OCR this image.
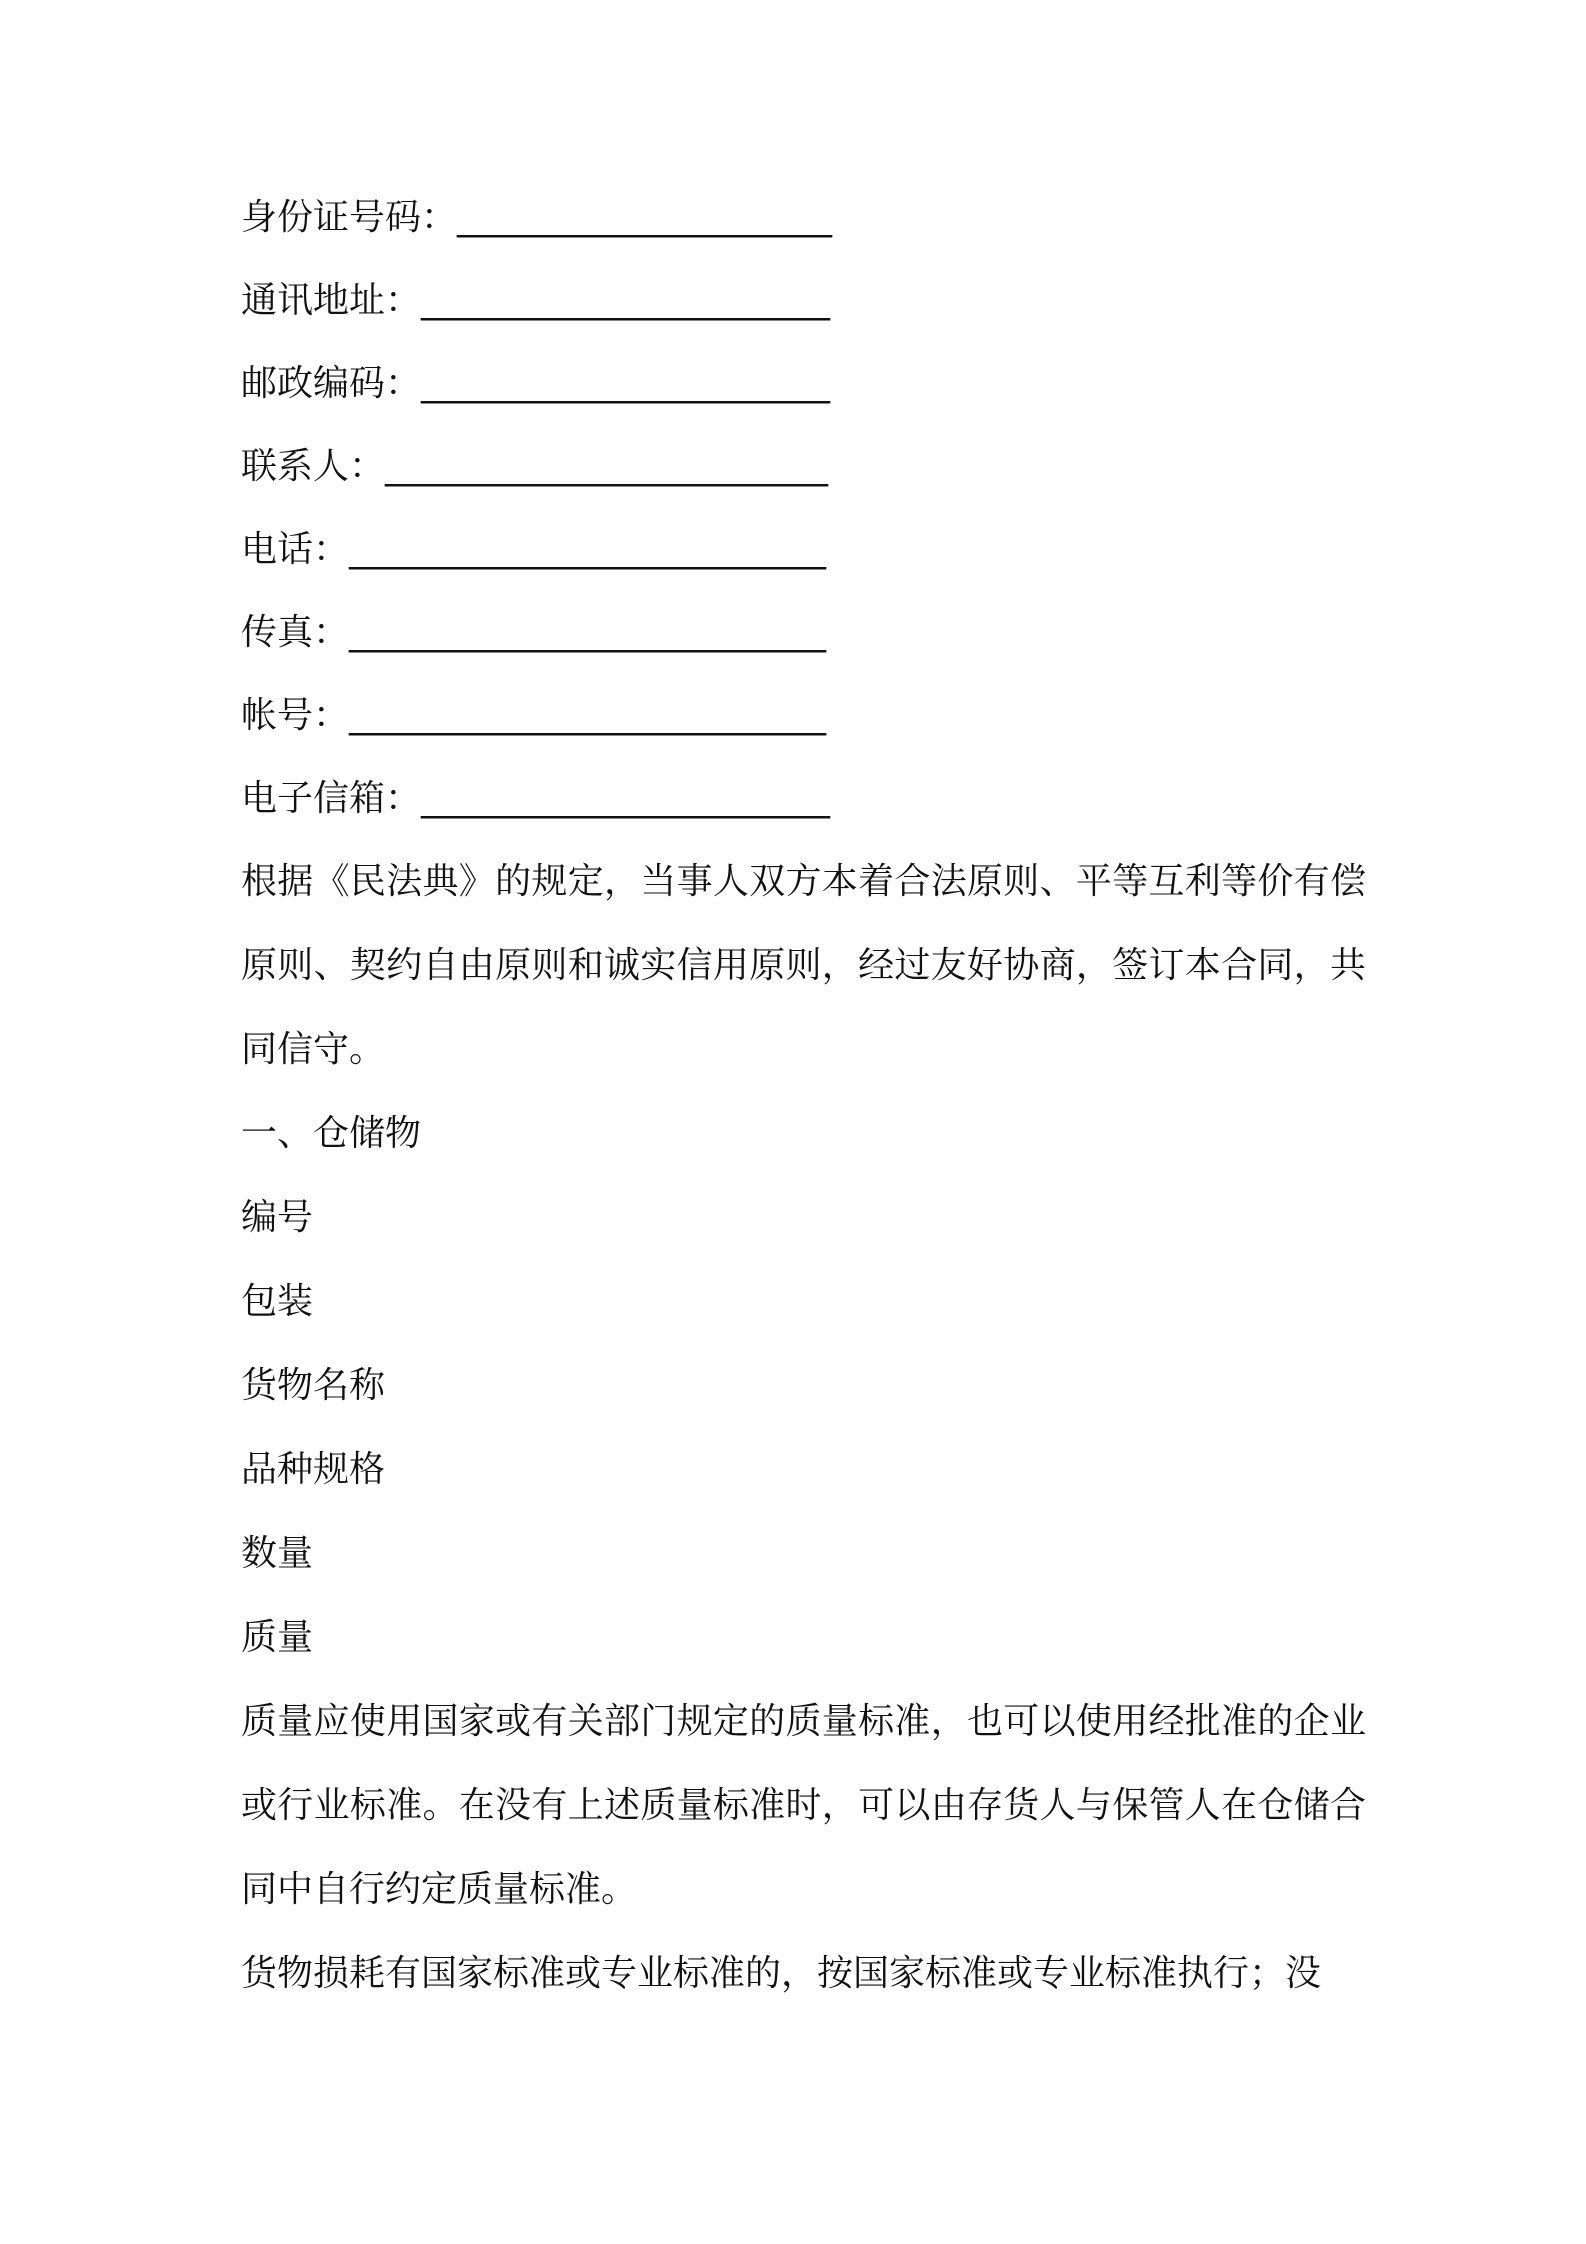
身份证号码：______________________
通讯地址：________________________
邮政编码：________________________
联系人：__________________________
电话：____________________________
传真：____________________________
帐号：____________________________
电子信箱：________________________

根据《民法典》的规定，当事人双方本着合法原则、平等互利等价有偿原则、契约自由原则和诚实信用原则，经过友好协商，签订本合同，共同信守。

一、仓储物
编号
包装
货物名称
品种规格
数量
质量

质量应使用国家或有关部门规定的质量标准，也可以使用经批准的企业或行业标准。在没有上述质量标准时，可以由存货人与保管人在仓储合同中自行约定质量标准。

货物损耗有国家标准或专业标准的，按国家标准或专业标准执行；没
